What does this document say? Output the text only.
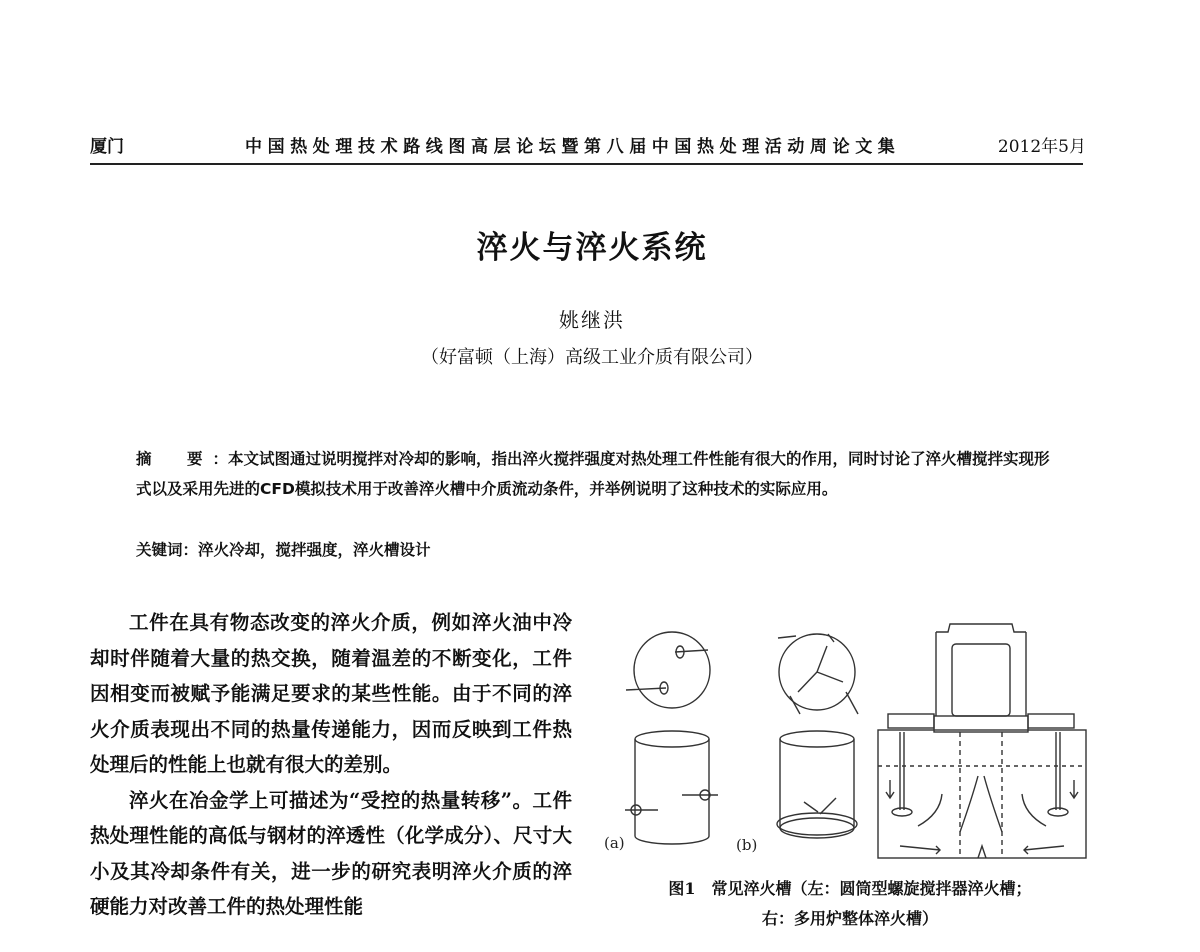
厦门	中国热处理技术路线图高层论坛暨第八届中国热处理活动周论文集	2012年5月
淬火与淬火系统
姚继洪
（好富顿（上海）高级工业介质有限公司）
摘　要：本文试图通过说明搅拌对冷却的影响，指出淬火搅拌强度对热处理工件性能有很大的作用，同时讨论了淬火槽搅拌实现形式以及采用先进的CFD模拟技术用于改善淬火槽中介质流动条件，并举例说明了这种技术的实际应用。
关键词：淬火冷却，搅拌强度，淬火槽设计

工件在具有物态改变的淬火介质，例如淬火油中冷却时伴随着大量的热交换，随着温差的不断变化，工件因相变而被赋予能满足要求的某些性能。由于不同的淬火介质表现出不同的热量传递能力，因而反映到工件热处理后的性能上也就有很大的差别。

淬火在冶金学上可描述为“受控的热量转移”。工件热处理性能的高低与钢材的淬透性（化学成分）、尺寸大小及其冷却条件有关，进一步的研究表明淬火介质的淬硬能力对改善工件的热处理性能

(a)	(b)
图1　常见淬火槽（左：圆筒型螺旋搅拌器淬火槽；
右：多用炉整体淬火槽）
